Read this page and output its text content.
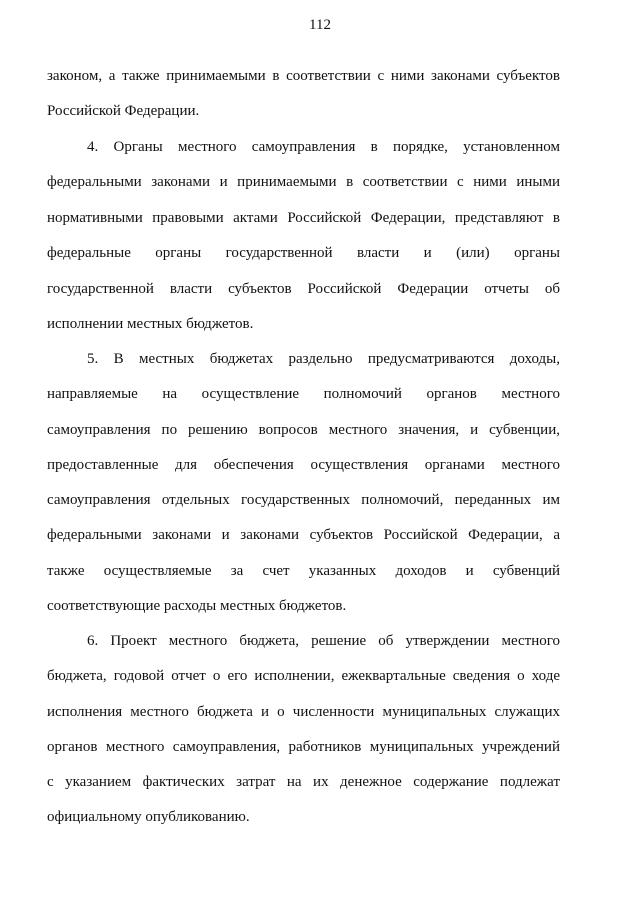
112
законом, а также принимаемыми в соответствии с ними законами субъектов
Российской Федерации.
4. Органы местного самоуправления в порядке, установленном
федеральными законами и принимаемыми в соответствии с ними иными
нормативными правовыми актами Российской Федерации, представляют в
федеральные органы государственной власти и (или) органы
государственной власти субъектов Российской Федерации отчеты об
исполнении местных бюджетов.
5. В местных бюджетах раздельно предусматриваются доходы,
направляемые на осуществление полномочий органов местного
самоуправления по решению вопросов местного значения, и субвенции,
предоставленные для обеспечения осуществления органами местного
самоуправления отдельных государственных полномочий, переданных им
федеральными законами и законами субъектов Российской Федерации, а
также осуществляемые за счет указанных доходов и субвенций
соответствующие расходы местных бюджетов.
6. Проект местного бюджета, решение об утверждении местного
бюджета, годовой отчет о его исполнении, ежеквартальные сведения о ходе
исполнения местного бюджета и о численности муниципальных служащих
органов местного самоуправления, работников муниципальных учреждений
с указанием фактических затрат на их денежное содержание подлежат
официальному опубликованию.
